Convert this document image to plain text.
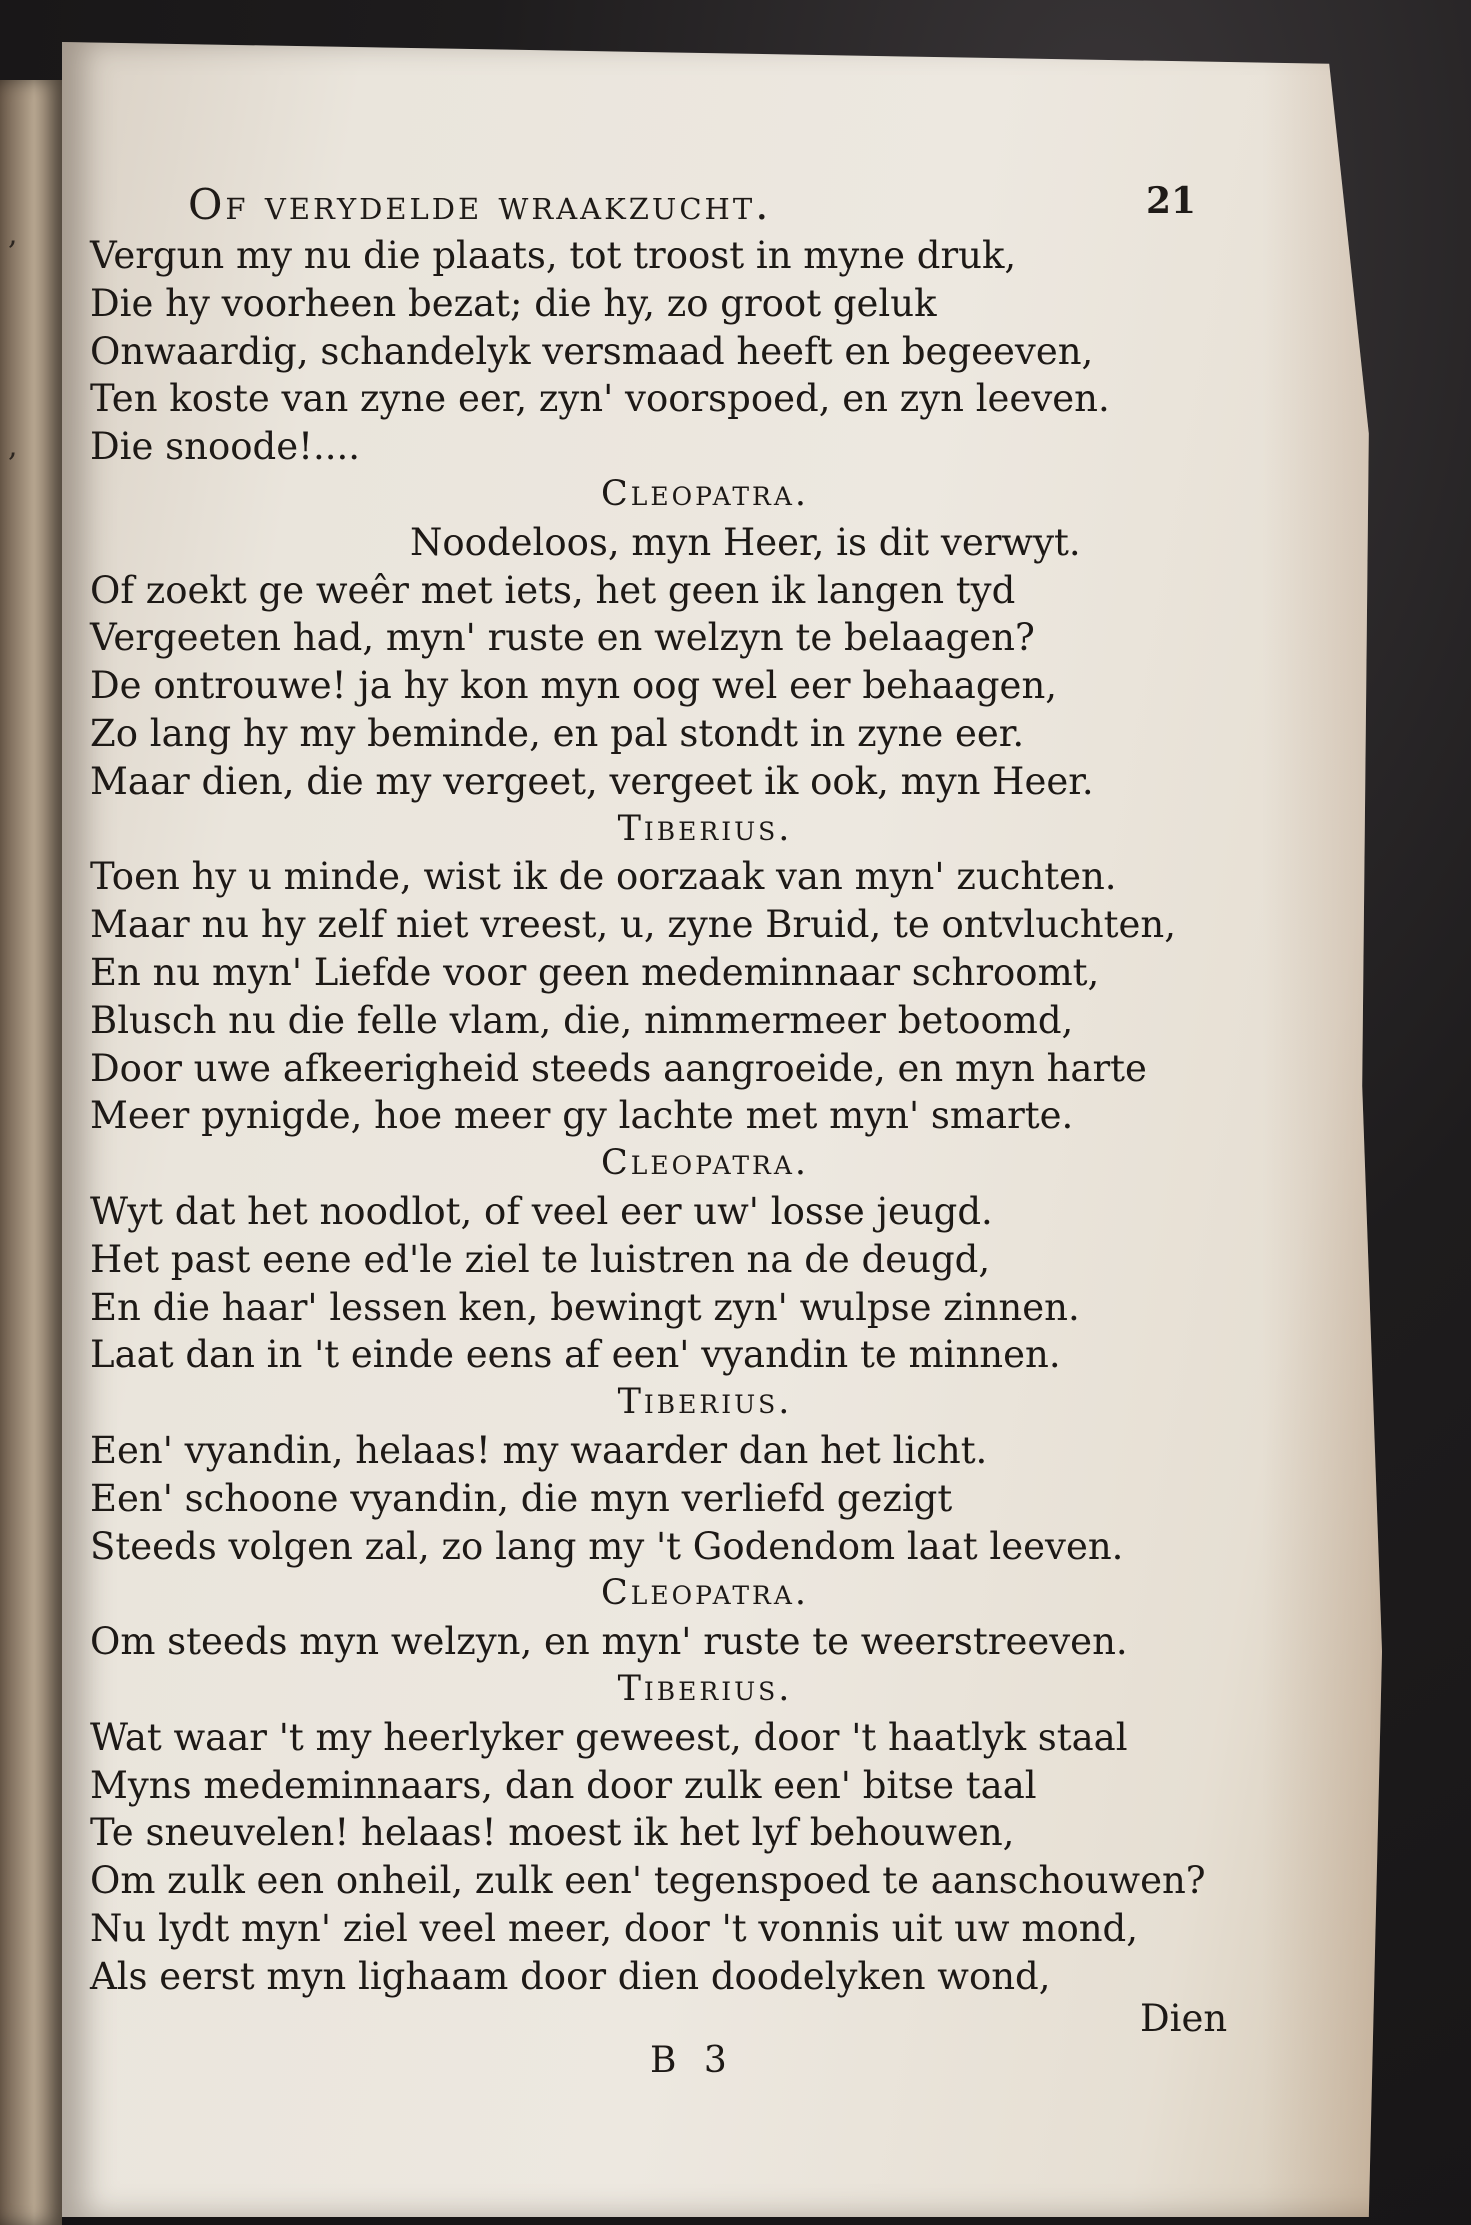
,
,
Of verydelde wraakzucht.	21
Vergun my nu die plaats, tot troost in myne druk,
Die hy voorheen bezat; die hy, zo groot geluk
Onwaardig, schandelyk versmaad heeft en begeeven,
Ten koste van zyne eer, zyn' voorspoed, en zyn leeven.
Die snoode!....
Cleopatra.
Noodeloos, myn Heer, is dit verwyt.
Of zoekt ge weêr met iets, het geen ik langen tyd
Vergeeten had, myn' ruste en welzyn te belaagen?
De ontrouwe! ja hy kon myn oog wel eer behaagen,
Zo lang hy my beminde, en pal stondt in zyne eer.
Maar dien, die my vergeet, vergeet ik ook, myn Heer.
Tiberius.
Toen hy u minde, wist ik de oorzaak van myn' zuchten.
Maar nu hy zelf niet vreest, u, zyne Bruid, te ontvluchten,
En nu myn' Liefde voor geen medeminnaar schroomt,
Blusch nu die felle vlam, die, nimmermeer betoomd,
Door uwe afkeerigheid steeds aangroeide, en myn harte
Meer pynigde, hoe meer gy lachte met myn' smarte.
Cleopatra.
Wyt dat het noodlot, of veel eer uw' losse jeugd.
Het past eene ed'le ziel te luistren na de deugd,
En die haar' lessen ken, bewingt zyn' wulpse zinnen.
Laat dan in 't einde eens af een' vyandin te minnen.
Tiberius.
Een' vyandin, helaas! my waarder dan het licht.
Een' schoone vyandin, die myn verliefd gezigt
Steeds volgen zal, zo lang my 't Godendom laat leeven.
Cleopatra.
Om steeds myn welzyn, en myn' ruste te weerstreeven.
Tiberius.
Wat waar 't my heerlyker geweest, door 't haatlyk staal
Myns medeminnaars, dan door zulk een' bitse taal
Te sneuvelen! helaas! moest ik het lyf behouwen,
Om zulk een onheil, zulk een' tegenspoed te aanschouwen?
Nu lydt myn' ziel veel meer, door 't vonnis uit uw mond,
Als eerst myn lighaam door dien doodelyken wond,
Dien
B 3
